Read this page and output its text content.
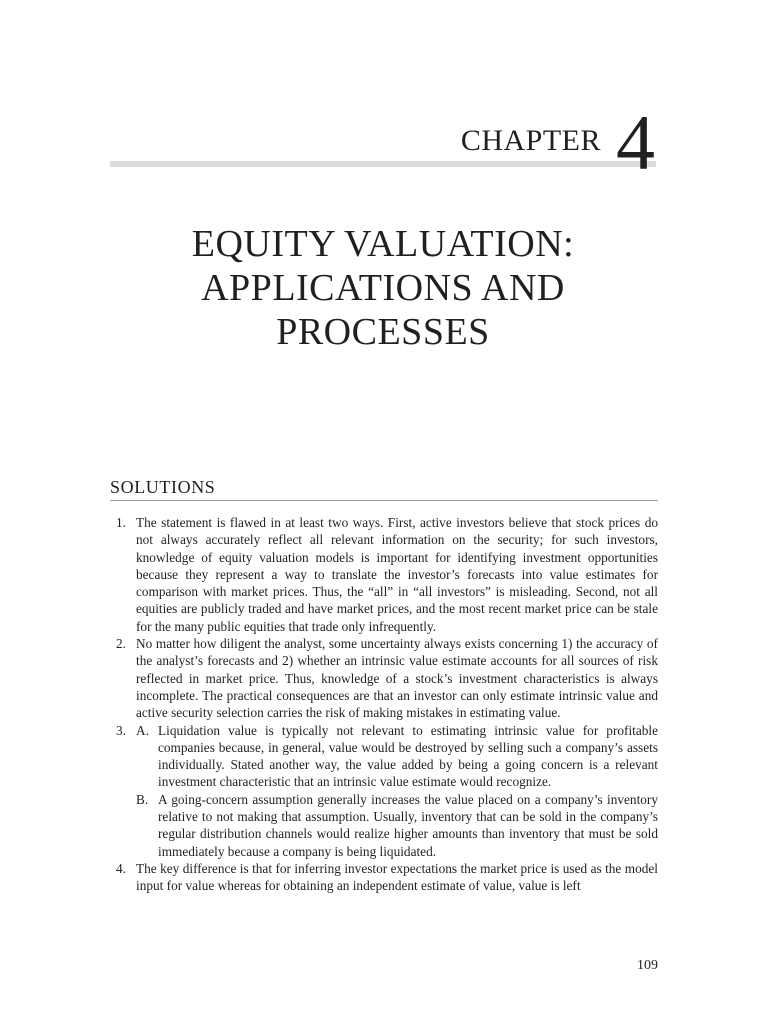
CHAPTER 4
EQUITY VALUATION:
APPLICATIONS AND
PROCESSES
SOLUTIONS
1. The statement is flawed in at least two ways. First, active investors believe that stock prices do not always accurately reflect all relevant information on the security; for such investors, knowledge of equity valuation models is important for identifying investment opportunities because they represent a way to translate the investor’s forecasts into value estimates for comparison with market prices. Thus, the “all” in “all investors” is misleading. Second, not all equities are publicly traded and have market prices, and the most recent market price can be stale for the many public equities that trade only infrequently.
2. No matter how diligent the analyst, some uncertainty always exists concerning 1) the accuracy of the analyst’s forecasts and 2) whether an intrinsic value estimate accounts for all sources of risk reflected in market price. Thus, knowledge of a stock’s investment characteristics is always incomplete. The practical consequences are that an investor can only estimate intrinsic value and active security selection carries the risk of making mistakes in estimating value.
3. A. Liquidation value is typically not relevant to estimating intrinsic value for profitable companies because, in general, value would be destroyed by selling such a company’s assets individually. Stated another way, the value added by being a going concern is a relevant investment characteristic that an intrinsic value estimate would recognize.
B. A going-concern assumption generally increases the value placed on a company’s inventory relative to not making that assumption. Usually, inventory that can be sold in the company’s regular distribution channels would realize higher amounts than inventory that must be sold immediately because a company is being liquidated.
4. The key difference is that for inferring investor expectations the market price is used as the model input for value whereas for obtaining an independent estimate of value, value is left
109
